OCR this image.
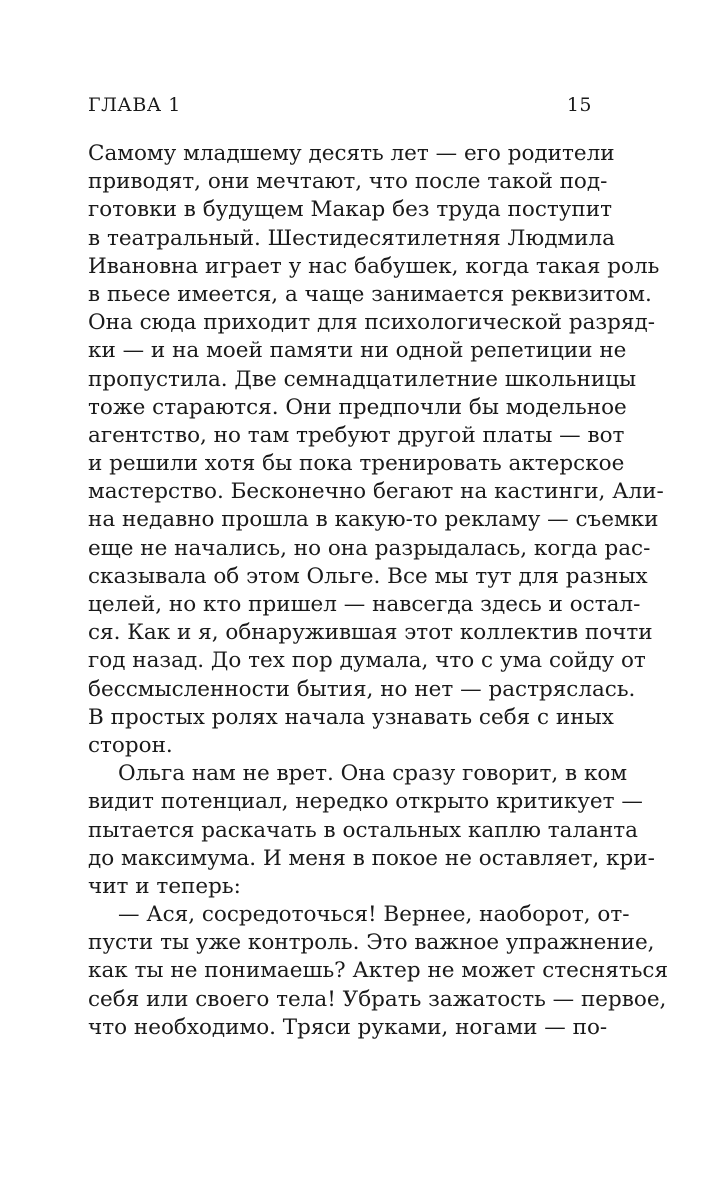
ГЛАВА 1	15
Самому младшему десять лет — его родители
приводят, они мечтают, что после такой под-
готовки в будущем Макар без труда поступит
в театральный. Шестидесятилетняя Людмила
Ивановна играет у нас бабушек, когда такая роль
в пьесе имеется, а чаще занимается реквизитом.
Она сюда приходит для психологической разряд-
ки — и на моей памяти ни одной репетиции не
пропустила. Две семнадцатилетние школьницы
тоже стараются. Они предпочли бы модельное
агентство, но там требуют другой платы — вот
и решили хотя бы пока тренировать актерское
мастерство. Бесконечно бегают на кастинги, Али-
на недавно прошла в какую-то рекламу — съемки
еще не начались, но она разрыдалась, когда рас-
сказывала об этом Ольге. Все мы тут для разных
целей, но кто пришел — навсегда здесь и остал-
ся. Как и я, обнаружившая этот коллектив почти
год назад. До тех пор думала, что с ума сойду от
бессмысленности бытия, но нет — растряслась.
В простых ролях начала узнавать себя с иных
сторон.
Ольга нам не врет. Она сразу говорит, в ком
видит потенциал, нередко открыто критикует —
пытается раскачать в остальных каплю таланта
до максимума. И меня в покое не оставляет, кри-
чит и теперь:
— Ася, сосредоточься! Вернее, наоборот, от-
пусти ты уже контроль. Это важное упражнение,
как ты не понимаешь? Актер не может стесняться
себя или своего тела! Убрать зажатость — первое,
что необходимо. Тряси руками, ногами — по-
